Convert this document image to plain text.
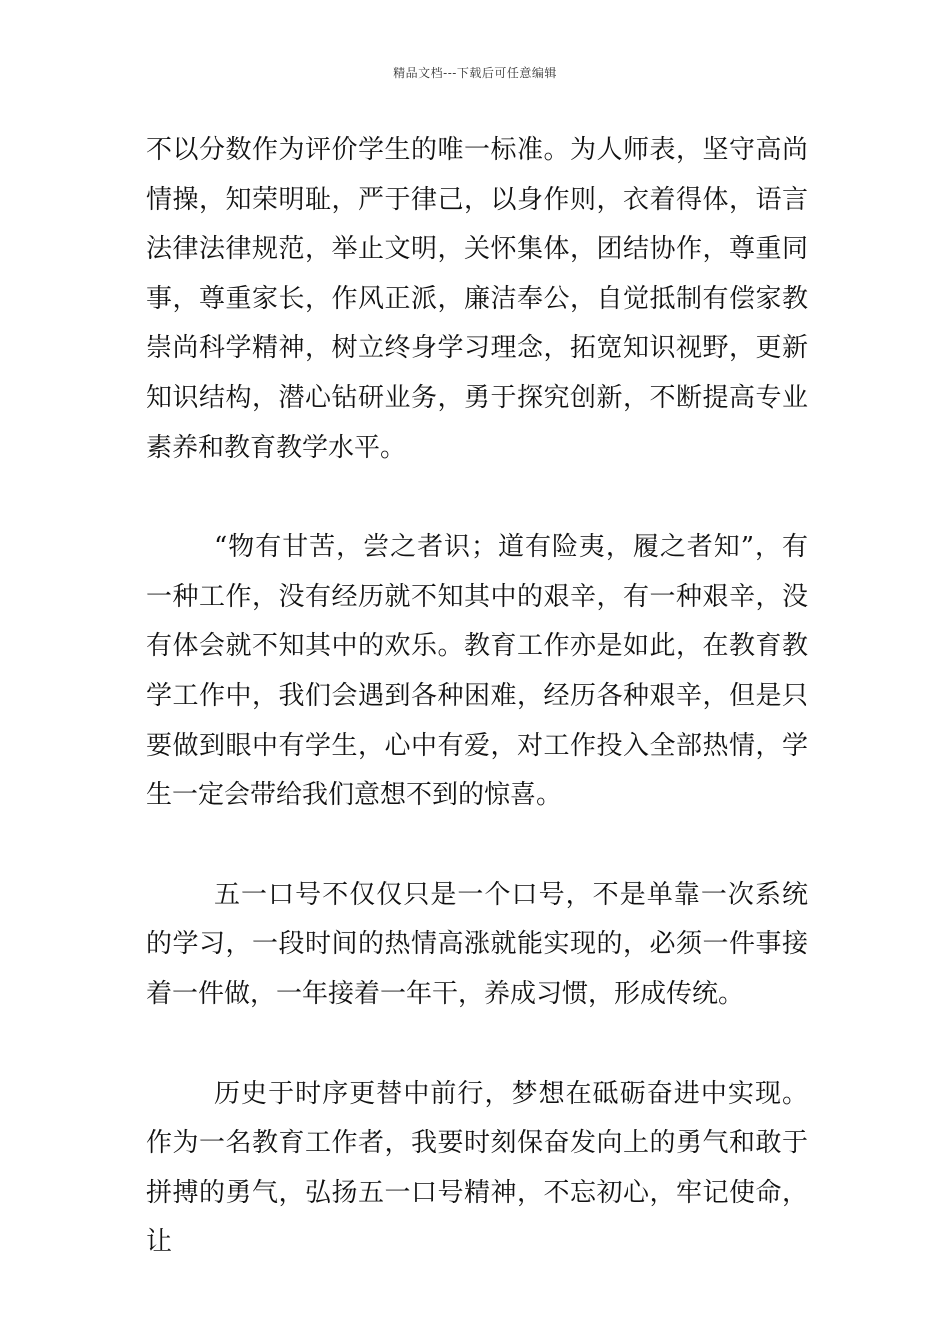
精品文档---下载后可任意编辑

不以分数作为评价学生的唯一标准。为人师表，坚守高尚情操，知荣明耻，严于律己，以身作则，衣着得体，语言法律法律规范，举止文明，关怀集体，团结协作，尊重同事，尊重家长，作风正派，廉洁奉公，自觉抵制有偿家教崇尚科学精神，树立终身学习理念，拓宽知识视野，更新知识结构，潜心钻研业务，勇于探究创新，不断提高专业素养和教育教学水平。

“物有甘苦，尝之者识；道有险夷，履之者知”，有一种工作，没有经历就不知其中的艰辛，有一种艰辛，没有体会就不知其中的欢乐。教育工作亦是如此，在教育教学工作中，我们会遇到各种困难，经历各种艰辛，但是只要做到眼中有学生，心中有爱，对工作投入全部热情，学生一定会带给我们意想不到的惊喜。

五一口号不仅仅只是一个口号，不是单靠一次系统的学习，一段时间的热情高涨就能实现的，必须一件事接着一件做，一年接着一年干，养成习惯，形成传统。

历史于时序更替中前行，梦想在砥砺奋进中实现。作为一名教育工作者，我要时刻保奋发向上的勇气和敢于拼搏的勇气，弘扬五一口号精神，不忘初心，牢记使命，让
